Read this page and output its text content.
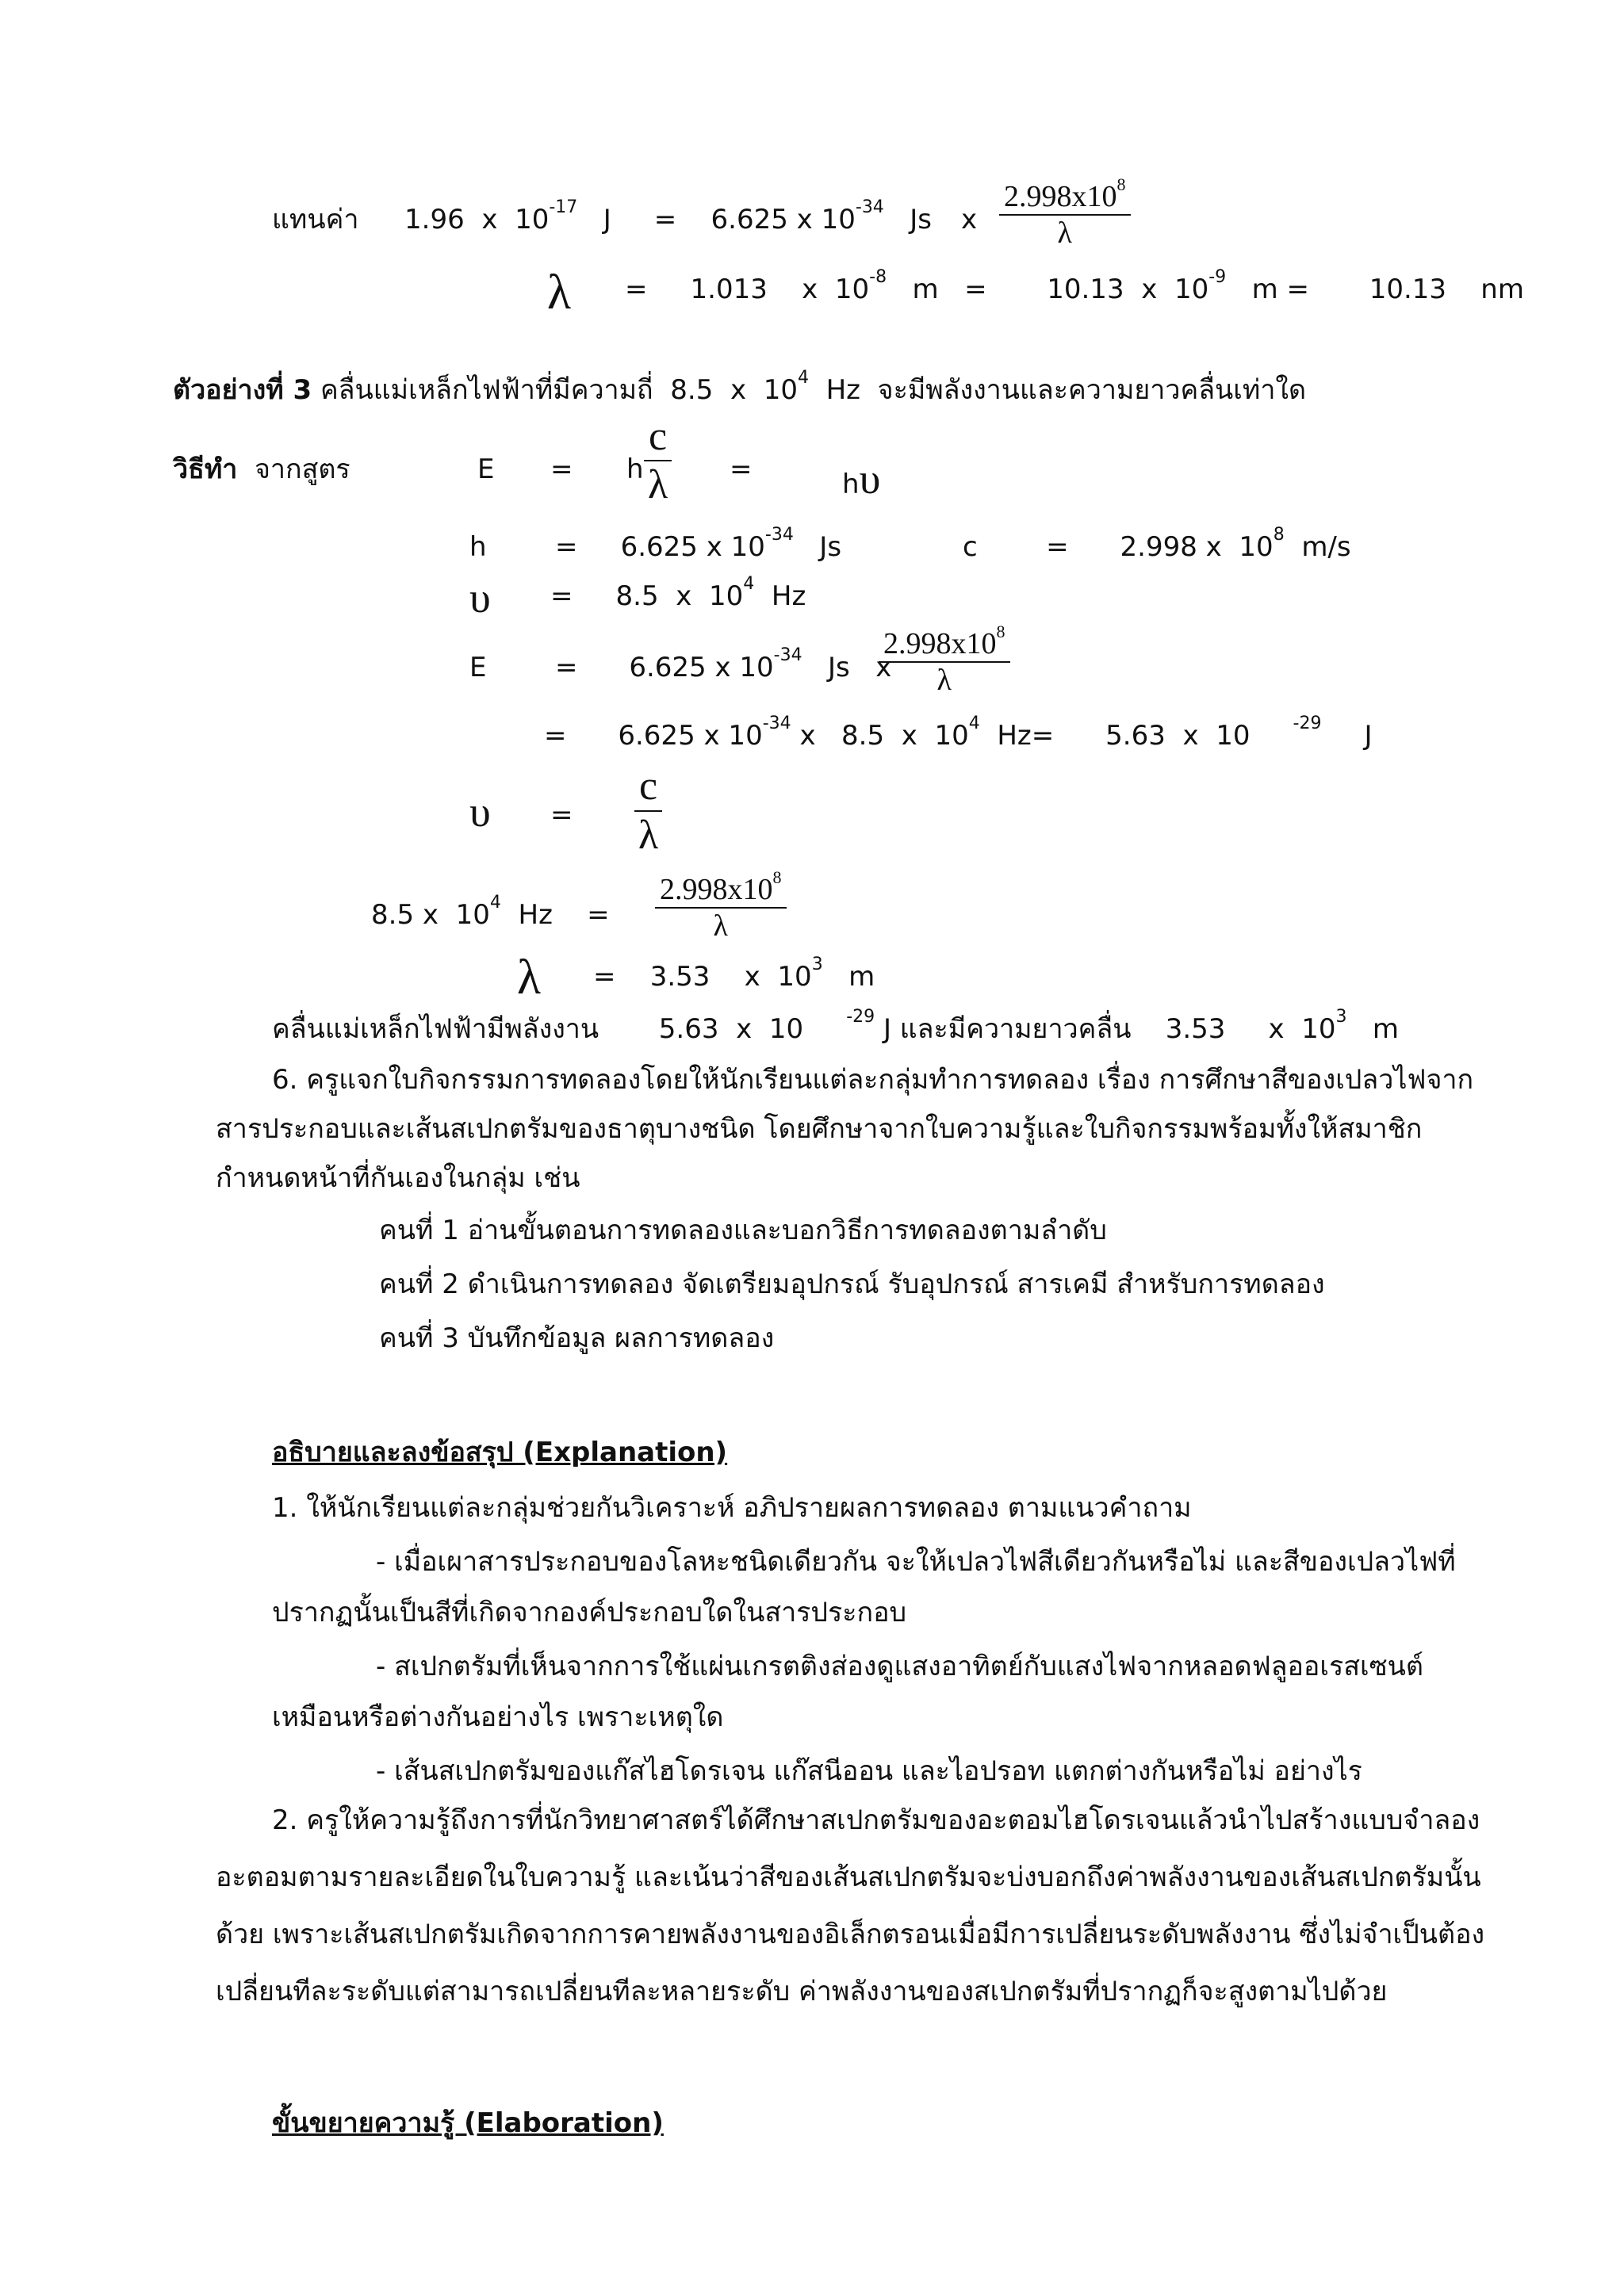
แทนค่า 1.96 x $10^{-17}$ J = 6.625 x $10^{-34}$ Js x $\frac{2.998x10^8}{\lambda}$
λ = 1.013 x $10^{-8}$ m = 10.13 x $10^{-9}$ m = 10.13 nm
ตัวอย่างที่ 3 คลื่นแม่เหล็กไฟฟ้าที่มีความถี่ 8.5 x $10^4$ Hz จะมีพลังงานและความยาวคลื่นเท่าใด
วิธีทำ จากสูตร	E = h $\frac{c}{\lambda}$ =	hυ
h	= 6.625 x $10^{-34}$ Js	c	= 2.998 x $10^8$ m/s
υ = 8.5 x $10^4$ Hz
E	= 6.625 x $10^{-34}$ Js x
$\frac{2.998x10^8}{\lambda}$
= 6.625 x $10^{-34}$ x 8.5 x $10^4$ Hz= 5.63 x 10 $^{-29}$ J
$\upsilon = \frac{c}{\lambda}$
8.5 x $10^4$ $Hz = \frac{2.998x10^8}{\lambda}$
λ = 3.53 x $10^3$ m
คลื่นแม่เหล็กไฟฟ้ามีพลังงาน 5.63 x 10 $^{-29}$ J และมีความยาวคลื่น 3.53 x $10^3$ m
6. ครูแจกใบกิจกรรมการทดลองโดยให้นักเรียนแต่ละกลุ่มทำการทดลอง เรื่อง การศึกษาสีของเปลวไฟจาก
สารประกอบและเส้นสเปกตรัมของธาตุบางชนิด โดยศึกษาจากใบความรู้และใบกิจกรรมพร้อมทั้งให้สมาชิก
กำหนดหน้าที่กันเองในกลุ่ม เช่น
คนที่ 1 อ่านขั้นตอนการทดลองและบอกวิธีการทดลองตามลำดับ
คนที่ 2 ดำเนินการทดลอง จัดเตรียมอุปกรณ์ รับอุปกรณ์ สารเคมี สำหรับการทดลอง
คนที่ 3 บันทึกข้อมูล ผลการทดลอง
อธิบายและลงข้อสรุป (Explanation)
1. ให้นักเรียนแต่ละกลุ่มช่วยกันวิเคราะห์ อภิปรายผลการทดลอง ตามแนวคำถาม
- เมื่อเผาสารประกอบของโลหะชนิดเดียวกัน จะให้เปลวไฟสีเดียวกันหรือไม่ และสีของเปลวไฟที่
ปรากฏนั้นเป็นสีที่เกิดจากองค์ประกอบใดในสารประกอบ
- สเปกตรัมที่เห็นจากการใช้แผ่นเกรตติงส่องดูแสงอาทิตย์กับแสงไฟจากหลอดฟลูออเรสเซนต์
เหมือนหรือต่างกันอย่างไร เพราะเหตุใด
- เส้นสเปกตรัมของแก๊สไฮโดรเจน แก๊สนีออน และไอปรอท แตกต่างกันหรือไม่ อย่างไร
2. ครูให้ความรู้ถึงการที่นักวิทยาศาสตร์ได้ศึกษาสเปกตรัมของอะตอมไฮโดรเจนแล้วนำไปสร้างแบบจำลอง
อะตอมตามรายละเอียดในใบความรู้ และเน้นว่าสีของเส้นสเปกตรัมจะบ่งบอกถึงค่าพลังงานของเส้นสเปกตรัมนั้น
ด้วย เพราะเส้นสเปกตรัมเกิดจากการคายพลังงานของอิเล็กตรอนเมื่อมีการเปลี่ยนระดับพลังงาน ซึ่งไม่จำเป็นต้อง
เปลี่ยนทีละระดับแต่สามารถเปลี่ยนทีละหลายระดับ ค่าพลังงานของสเปกตรัมที่ปรากฏก็จะสูงตามไปด้วย
ขั้นขยายความรู้ (Elaboration)
